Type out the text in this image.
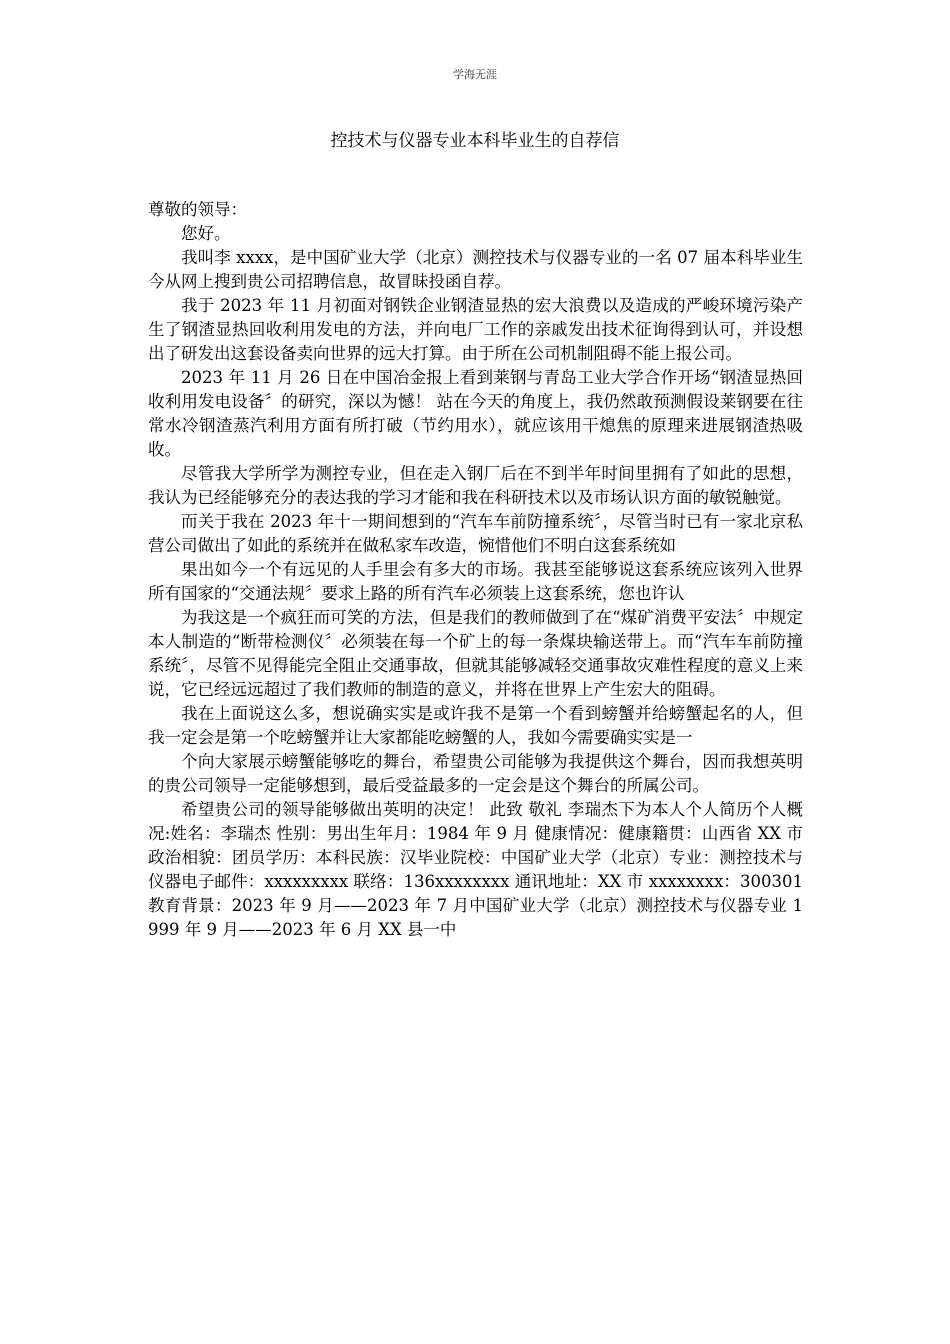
学海无涯
控技术与仪器专业本科毕业生的自荐信

尊敬的领导：

您好。

我叫李 xxxx，是中国矿业大学（北京）测控技术与仪器专业的一名 07 届本科毕业生今从网上搜到贵公司招聘信息，故冒昧投函自荐。

我于 2023 年 11 月初面对钢铁企业钢渣显热的宏大浪费以及造成的严峻环境污染产生了钢渣显热回收利用发电的方法，并向电厂工作的亲戚发出技术征询得到认可，并设想出了研发出这套设备卖向世界的远大打算。由于所在公司机制阻碍不能上报公司。

2023 年 11 月 26 日在中国冶金报上看到莱钢与青岛工业大学合作开场“钢渣显热回收利用发电设备〞的研究，深以为憾！ 站在今天的角度上，我仍然敢预测假设莱钢要在往常水冷钢渣蒸汽利用方面有所打破（节约用水），就应该用干熄焦的原理来进展钢渣热吸收。

尽管我大学所学为测控专业，但在走入钢厂后在不到半年时间里拥有了如此的思想，我认为已经能够充分的表达我的学习才能和我在科研技术以及市场认识方面的敏锐触觉。

而关于我在 2023 年十一期间想到的“汽车车前防撞系统〞，尽管当时已有一家北京私营公司做出了如此的系统并在做私家车改造，惋惜他们不明白这套系统如

果出如今一个有远见的人手里会有多大的市场。我甚至能够说这套系统应该列入世界所有国家的“交通法规〞要求上路的所有汽车必须装上这套系统，您也许认

为我这是一个疯狂而可笑的方法，但是我们的教师做到了在“煤矿消费平安法〞中规定本人制造的“断带检测仪〞必须装在每一个矿上的每一条煤块输送带上。而“汽车车前防撞系统〞，尽管不见得能完全阻止交通事故，但就其能够减轻交通事故灾难性程度的意义上来说，它已经远远超过了我们教师的制造的意义，并将在世界上产生宏大的阻碍。

我在上面说这么多，想说确实实是或许我不是第一个看到螃蟹并给螃蟹起名的人，但我一定会是第一个吃螃蟹并让大家都能吃螃蟹的人，我如今需要确实实是一

个向大家展示螃蟹能够吃的舞台，希望贵公司能够为我提供这个舞台，因而我想英明的贵公司领导一定能够想到，最后受益最多的一定会是这个舞台的所属公司。

希望贵公司的领导能够做出英明的决定！ 此致 敬礼 李瑞杰下为本人个人简历个人概况:姓名：李瑞杰 性别：男出生年月：1984 年 9 月 健康情况：健康籍贯：山西省 XX 市 政治相貌：团员学历：本科民族：汉毕业院校：中国矿业大学（北京）专业：测控技术与仪器电子邮件：xxxxxxxxx 联络：136xxxxxxxx 通讯地址：XX 市 xxxxxxxx：300301 教育背景：2023 年 9 月——2023 年 7 月中国矿业大学（北京）测控技术与仪器专业 1999 年 9 月——2023 年 6 月 XX 县一中
